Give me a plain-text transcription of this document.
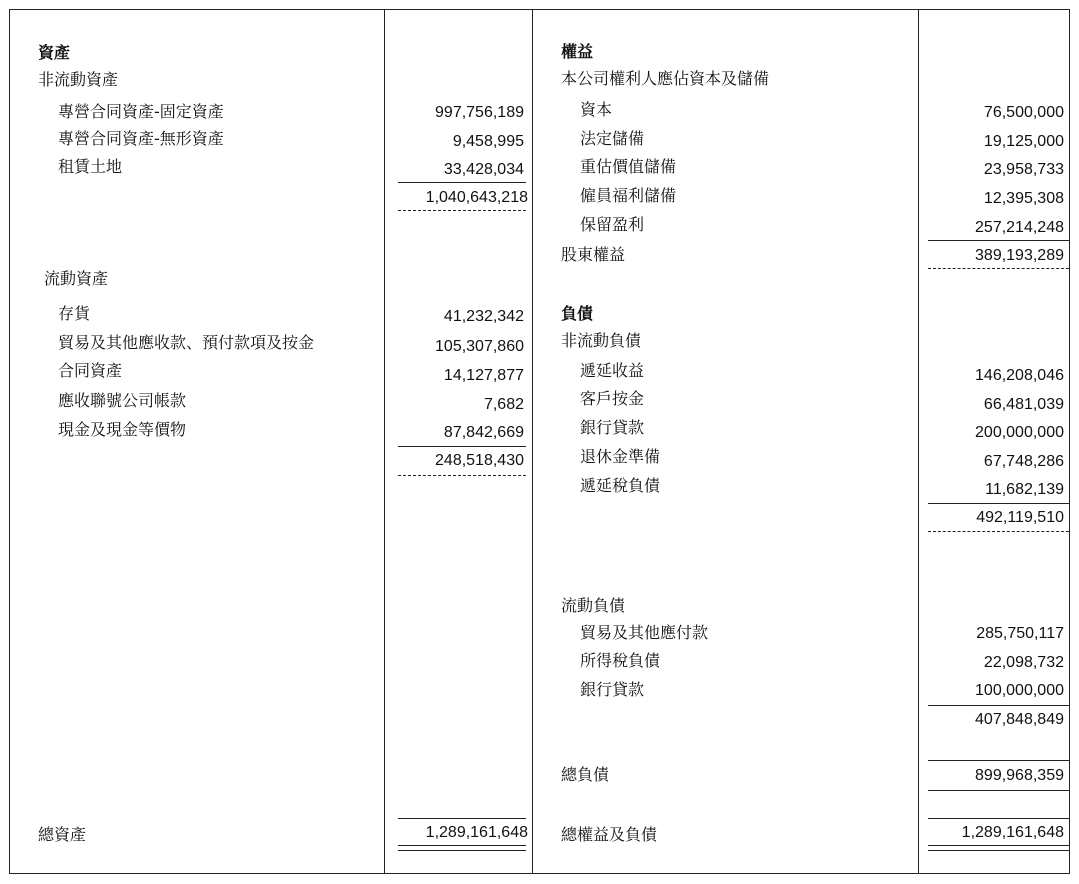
資產
非流動資產
專營合同資產-固定資產	997,756,189
專營合同資產-無形資產	9,458,995
租賃土地	33,428,034
1,040,643,218
流動資產
存貨	41,232,342
貿易及其他應收款、預付款項及按金	105,307,860
合同資產	14,127,877
應收聯號公司帳款	7,682
現金及現金等價物	87,842,669
248,518,430
總資產	1,289,161,648
權益
本公司權利人應佔資本及儲備
資本	76,500,000
法定儲備	19,125,000
重估價值儲備	23,958,733
僱員福利儲備	12,395,308
保留盈利	257,214,248
股東權益	389,193,289
負債
非流動負債
遞延收益	146,208,046
客戶按金	66,481,039
銀行貸款	200,000,000
退休金準備	67,748,286
遞延稅負債	11,682,139
492,119,510
流動負債
貿易及其他應付款	285,750,117
所得稅負債	22,098,732
銀行貸款	100,000,000
407,848,849
總負債	899,968,359
總權益及負債	1,289,161,648
